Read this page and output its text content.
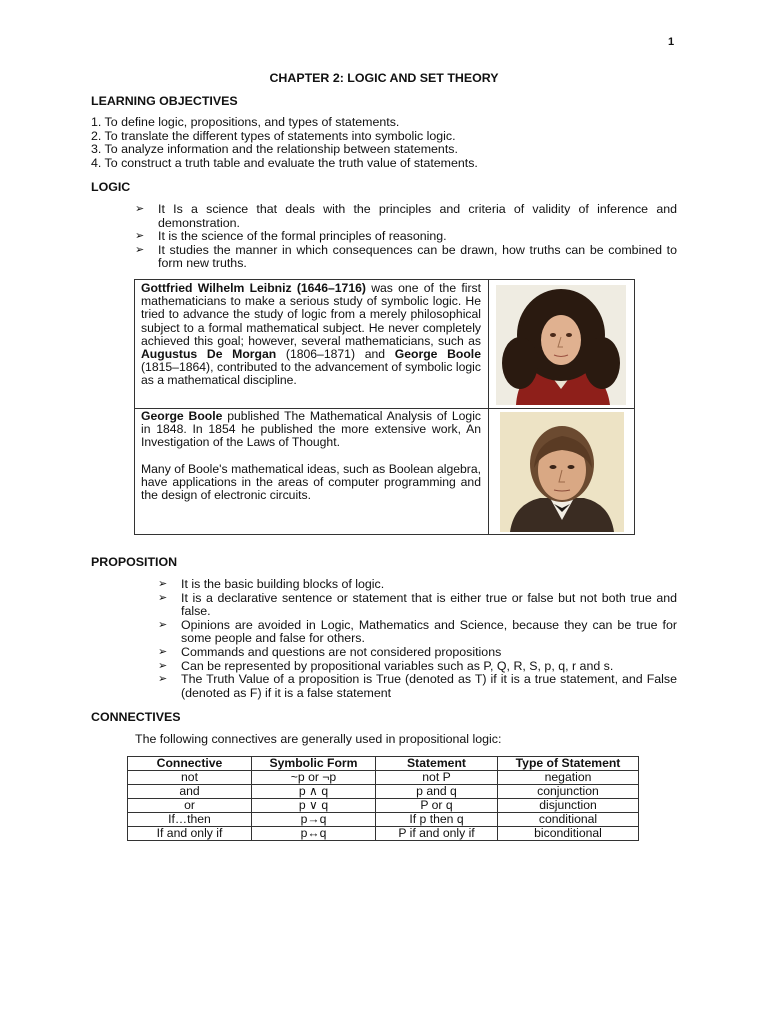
1
CHAPTER 2: LOGIC AND SET THEORY
LEARNING OBJECTIVES
1. To define logic, propositions, and types of statements.
2. To translate the different types of statements into symbolic logic.
3. To analyze information and the relationship between statements.
4. To construct a truth table and evaluate the truth value of statements.
LOGIC
➢ It Is a science that deals with the principles and criteria of validity of inference and demonstration.
➢ It is the science of the formal principles of reasoning.
➢ It studies the manner in which consequences can be drawn, how truths can be combined to form new truths.

Gottfried Wilhelm Leibniz (1646–1716) was one of the first mathematicians to make a serious study of symbolic logic. He tried to advance the study of logic from a merely philosophical subject to a formal mathematical subject. He never completely achieved this goal; however, several mathematicians, such as Augustus De Morgan (1806–1871) and George Boole (1815–1864), contributed to the advancement of symbolic logic as a mathematical discipline.

George Boole published The Mathematical Analysis of Logic in 1848. In 1854 he published the more extensive work, An Investigation of the Laws of Thought.

Many of Boole's mathematical ideas, such as Boolean algebra, have applications in the areas of computer programming and the design of electronic circuits.

PROPOSITION
➢ It is the basic building blocks of logic.
➢ It is a declarative sentence or statement that is either true or false but not both true and false.
➢ Opinions are avoided in Logic, Mathematics and Science, because they can be true for some people and false for others.
➢ Commands and questions are not considered propositions
➢ Can be represented by propositional variables such as P, Q, R, S, p, q, r and s.
➢ The Truth Value of a proposition is True (denoted as T) if it is a true statement, and False (denoted as F) if it is a false statement
CONNECTIVES
The following connectives are generally used in propositional logic:
Connective	Symbolic Form	Statement	Type of Statement
not	~p or ¬p	not P	negation
and	p ∧ q	p and q	conjunction
or	p ∨ q	P or q	disjunction
If…then	p→q	If p then q	conditional
If and only if	p↔q	P if and only if	biconditional
